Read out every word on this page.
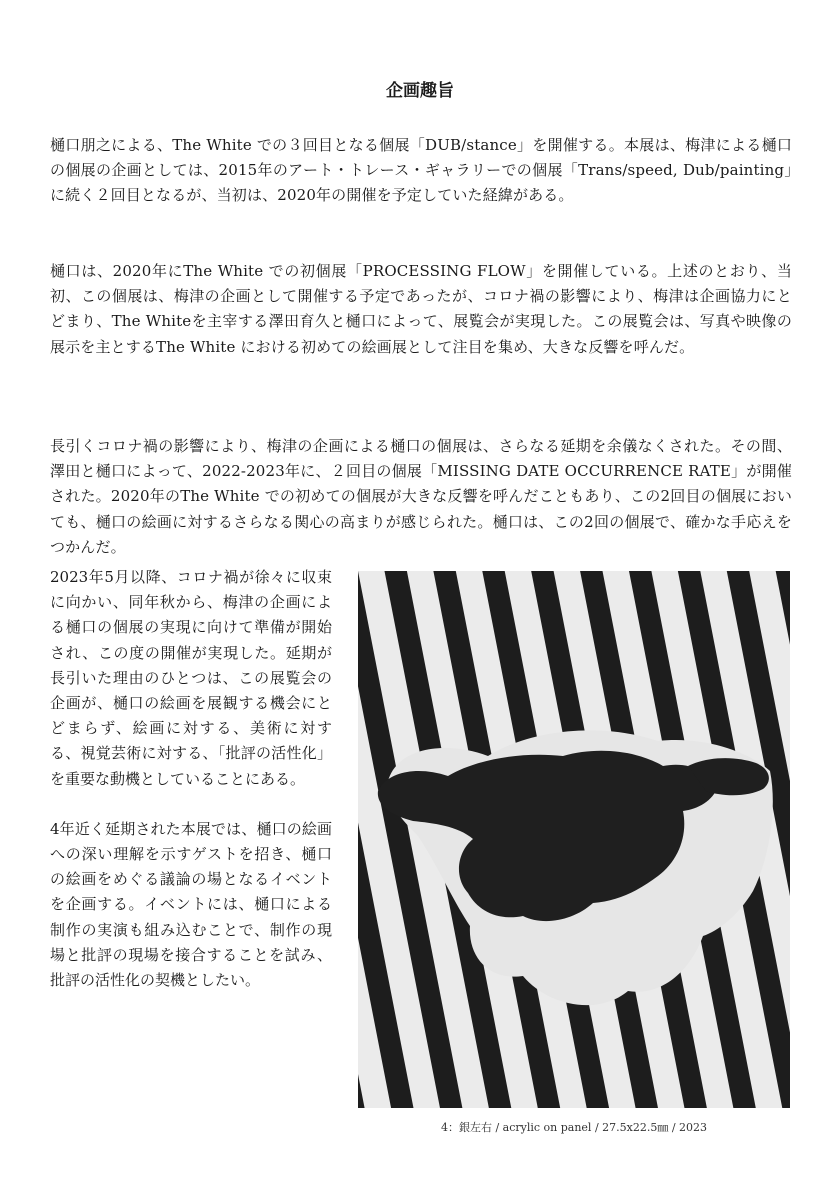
企画趣旨

樋口朋之による、The White での３回目となる個展「DUB/stance」を開催する。本展は、梅津による樋口の個展の企画としては、2015年のアート・トレース・ギャラリーでの個展「Trans/speed, Dub/painting」に続く２回目となるが、当初は、2020年の開催を予定していた経緯がある。

樋口は、2020年にThe White での初個展「PROCESSING FLOW」を開催している。上述のとおり、当初、この個展は、梅津の企画として開催する予定であったが、コロナ禍の影響により、梅津は企画協力にとどまり、The Whiteを主宰する澤田育久と樋口によって、展覧会が実現した。この展覧会は、写真や映像の展示を主とするThe White における初めての絵画展として注目を集め、大きな反響を呼んだ。

長引くコロナ禍の影響により、梅津の企画による樋口の個展は、さらなる延期を余儀なくされた。その間、澤田と樋口によって、2022-2023年に、２回目の個展「MISSING DATE OCCURRENCE RATE」が開催された。2020年のThe White での初めての個展が大きな反響を呼んだこともあり、この2回目の個展においても、樋口の絵画に対するさらなる関心の高まりが感じられた。樋口は、この2回の個展で、確かな手応えをつかんだ。

2023年5月以降、コロナ禍が徐々に収束に向かい、同年秋から、梅津の企画による樋口の個展の実現に向けて準備が開始され、この度の開催が実現した。延期が長引いた理由のひとつは、この展覧会の企画が、樋口の絵画を展観する機会にとどまらず、絵画に対する、美術に対する、視覚芸術に対する、「批評の活性化」を重要な動機としていることにある。

4年近く延期された本展では、樋口の絵画への深い理解を示すゲストを招き、樋口の絵画をめぐる議論の場となるイベントを企画する。イベントには、樋口による制作の実演も組み込むことで、制作の現場と批評の現場を接合することを試み、批評の活性化の契機としたい。

4：銀左右 / acrylic on panel / 27.5x22.5㎜ / 2023
